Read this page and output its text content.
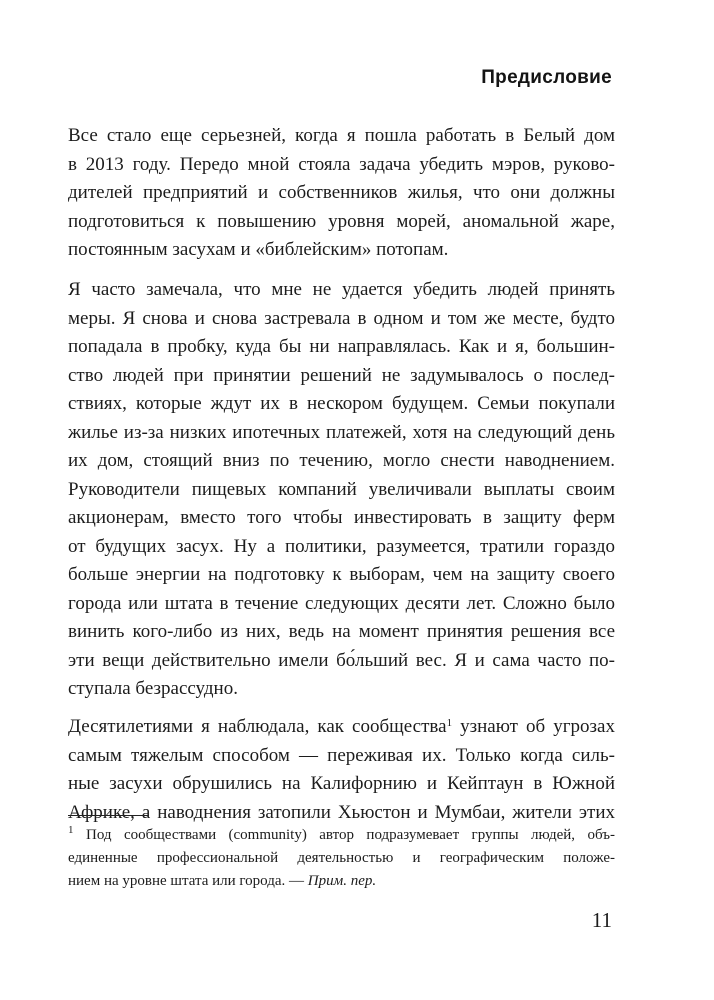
Предисловие
Все стало еще серьезней, когда я пошла работать в Белый дом
в 2013 году. Передо мной стояла задача убедить мэров, руково-
дителей предприятий и собственников жилья, что они должны
подготовиться к повышению уровня морей, аномальной жаре,
постоянным засухам и «библейским» потопам.
Я часто замечала, что мне не удается убедить людей принять
меры. Я снова и снова застревала в одном и том же месте, будто
попадала в пробку, куда бы ни направлялась. Как и я, большин-
ство людей при принятии решений не задумывалось о послед-
ствиях, которые ждут их в нескором будущем. Семьи покупали
жилье из-за низких ипотечных платежей, хотя на следующий день
их дом, стоящий вниз по течению, могло снести наводнением.
Руководители пищевых компаний увеличивали выплаты своим
акционерам, вместо того чтобы инвестировать в защиту ферм
от будущих засух. Ну а политики, разумеется, тратили гораздо
больше энергии на подготовку к выборам, чем на защиту своего
города или штата в течение следующих десяти лет. Сложно было
винить кого-либо из них, ведь на момент принятия решения все
эти вещи действительно имели бо́льший вес. Я и сама часто по-
ступала безрассудно.
Десятилетиями я наблюдала, как сообщества$^1$ узнают об угрозах
самым тяжелым способом — переживая их. Только когда силь-
ные засухи обрушились на Калифорнию и Кейптаун в Южной
Африке, а наводнения затопили Хьюстон и Мумбаи, жители этих
1 Под сообществами (community) автор подразумевает группы людей, объ-
единенные профессиональной деятельностью и географическим положе-
нием на уровне штата или города. — Прим. пер.
11
